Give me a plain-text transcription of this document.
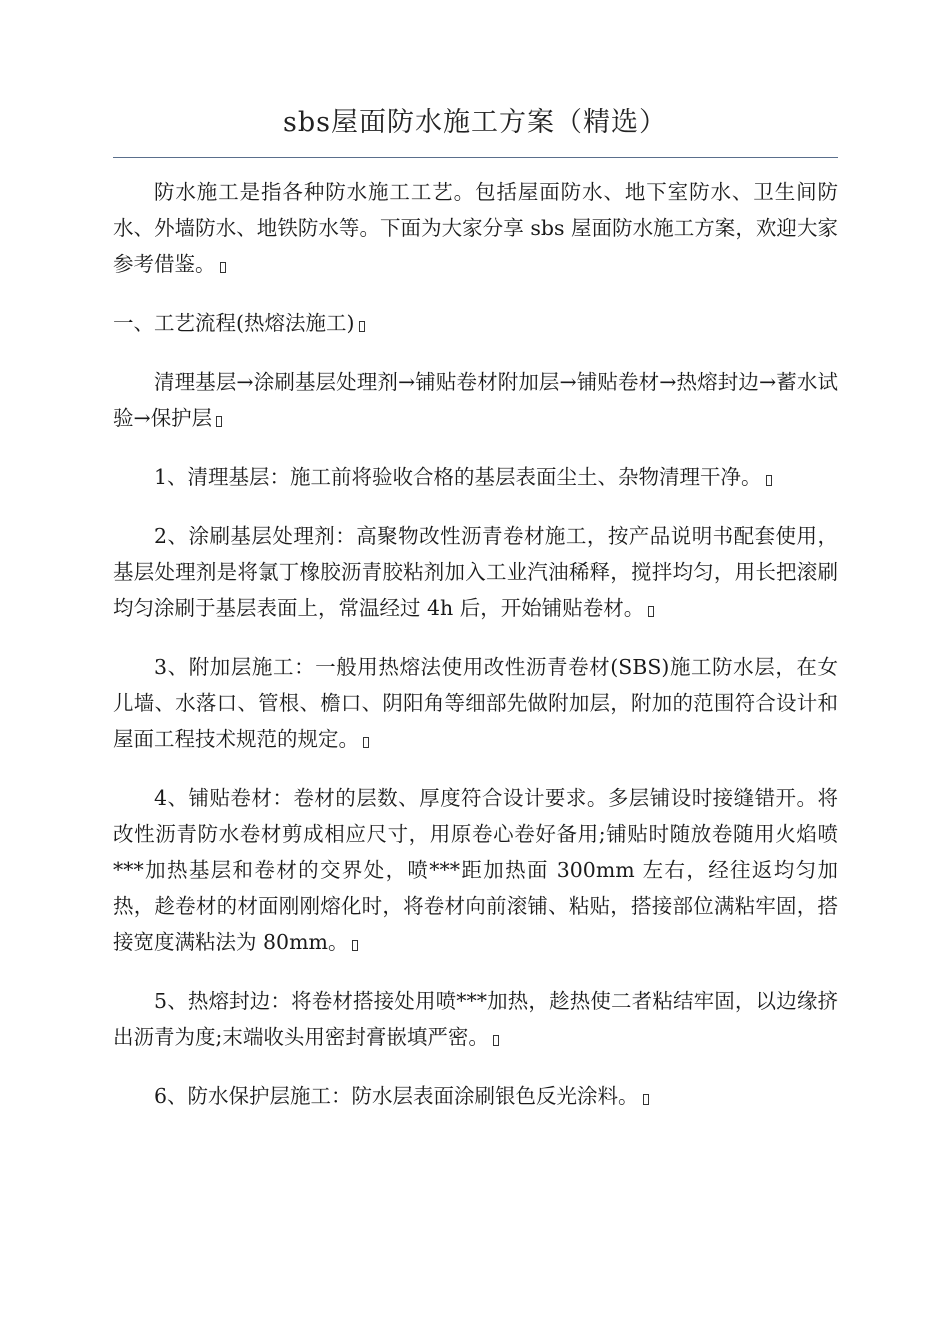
sbs屋面防水施工方案（精选）

防水施工是指各种防水施工工艺。包括屋面防水、地下室防水、卫生间防水、外墙防水、地铁防水等。下面为大家分享 sbs 屋面防水施工方案，欢迎大家参考借鉴。

一、工艺流程(热熔法施工)

清理基层→涂刷基层处理剂→铺贴卷材附加层→铺贴卷材→热熔封边→蓄水试验→保护层

1、清理基层：施工前将验收合格的基层表面尘土、杂物清理干净。

2、涂刷基层处理剂：高聚物改性沥青卷材施工，按产品说明书配套使用，基层处理剂是将氯丁橡胶沥青胶粘剂加入工业汽油稀释，搅拌均匀，用长把滚刷均匀涂刷于基层表面上，常温经过 4h 后，开始铺贴卷材。

3、附加层施工：一般用热熔法使用改性沥青卷材(SBS)施工防水层，在女儿墙、水落口、管根、檐口、阴阳角等细部先做附加层，附加的范围符合设计和屋面工程技术规范的规定。

4、铺贴卷材：卷材的层数、厚度符合设计要求。多层铺设时接缝错开。将改性沥青防水卷材剪成相应尺寸，用原卷心卷好备用;铺贴时随放卷随用火焰喷***加热基层和卷材的交界处，喷***距加热面 300mm 左右，经往返均匀加热，趁卷材的材面刚刚熔化时，将卷材向前滚铺、粘贴，搭接部位满粘牢固，搭接宽度满粘法为 80mm。

5、热熔封边：将卷材搭接处用喷***加热，趁热使二者粘结牢固，以边缘挤出沥青为度;末端收头用密封膏嵌填严密。

6、防水保护层施工：防水层表面涂刷银色反光涂料。
